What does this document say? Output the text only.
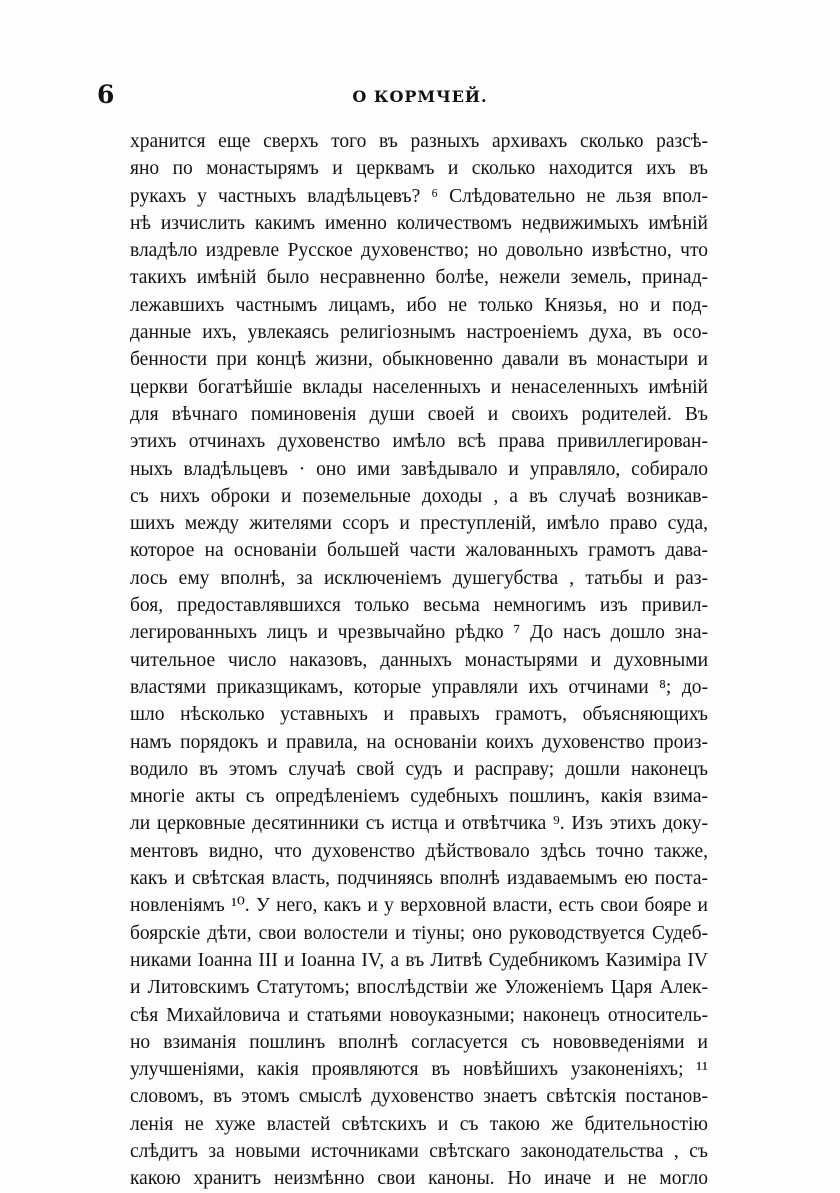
6	О КОРМЧЕЙ.
хранится еще сверхъ того въ разныхъ архивахъ сколько разсѣ-
яно по монастырямъ и церквамъ и сколько находится ихъ въ
рукахъ у частныхъ владѣльцевъ? ⁶ Слѣдовательно не льзя впол-
нѣ изчислить какимъ именно количествомъ недвижимыхъ имѣній
владѣло издревле Русское духовенство; но довольно извѣстно, что
такихъ имѣній было несравненно болѣе, нежели земель, принад-
лежавшихъ частнымъ лицамъ, ибо не только Князья, но и под-
данные ихъ, увлекаясь религіознымъ настроеніемъ духа, въ осо-
бенности при концѣ жизни, обыкновенно давали въ монастыри и
церкви богатѣйшіе вклады населенныхъ и ненаселенныхъ имѣній
для вѣчнаго поминовенія души своей и своихъ родителей. Въ
этихъ отчинахъ духовенство имѣло всѣ права привиллегирован-
ныхъ владѣльцевъ · оно ими завѣдывало и управляло, собирало
съ нихъ оброки и поземельные доходы , а въ случаѣ возникав-
шихъ между жителями ссоръ и преступленій, имѣло право суда,
которое на основаніи большей части жалованныхъ грамотъ дава-
лось ему вполнѣ, за исключеніемъ душегубства , татьбы и раз-
боя, предоставлявшихся только весьма немногимъ изъ привил-
легированныхъ лицъ и чрезвычайно рѣдко ⁷ До насъ дошло зна-
чительное число наказовъ, данныхъ монастырями и духовными
властями приказщикамъ, которые управляли ихъ отчинами ⁸; до-
шло нѣсколько уставныхъ и правыхъ грамотъ, объясняющихъ
намъ порядокъ и правила, на основаніи коихъ духовенство произ-
водило въ этомъ случаѣ свой судъ и расправу; дошли наконецъ
многіе акты съ опредѣленіемъ судебныхъ пошлинъ, какія взима-
ли церковные десятинники съ истца и отвѣтчика ⁹. Изъ этихъ доку-
ментовъ видно, что духовенство дѣйствовало здѣсь точно также,
какъ и свѣтская власть, подчиняясь вполнѣ издаваемымъ ею поста-
новленіямъ ¹⁰. У него, какъ и у верховной власти, есть свои бояре и
боярскіе дѣти, свои волостели и тіуны; оно руководствуется Судеб-
никами Іоанна III и Іоанна IV, а въ Литвѣ Судебникомъ Казиміра IV
и Литовскимъ Статутомъ; впослѣдствіи же Уложеніемъ Царя Алек-
сѣя Михайловича и статьями новоуказными; наконецъ относитель-
но взиманія пошлинъ вполнѣ согласуется съ нововведеніями и
улучшеніями, какія проявляются въ новѣйшихъ узаконеніяхъ; ¹¹
словомъ, въ этомъ смыслѣ духовенство знаетъ свѣтскія постанов-
ленія не хуже властей свѣтскихъ и съ такою же бдительностію
слѣдитъ за новыми источниками свѣтскаго законодательства , съ
какою хранитъ неизмѣнно свои каноны. Но иначе и не могло
